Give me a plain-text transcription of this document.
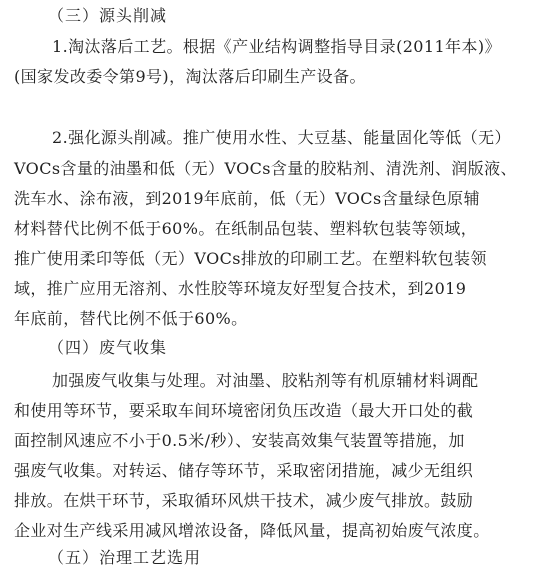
（三）源头削减
1.淘汰落后工艺。根据《产业结构调整指导目录(2011年本)》
(国家发改委令第9号)，淘汰落后印刷生产设备。
2.强化源头削减。推广使用水性、大豆基、能量固化等低（无）
VOCs含量的油墨和低（无）VOCs含量的胶粘剂、清洗剂、润版液、
洗车水、涂布液，到2019年底前，低（无）VOCs含量绿色原辅
材料替代比例不低于60%。在纸制品包装、塑料软包装等领域，
推广使用柔印等低（无）VOCs排放的印刷工艺。在塑料软包装领
域，推广应用无溶剂、水性胶等环境友好型复合技术，到2019
年底前，替代比例不低于60%。
（四）废气收集
加强废气收集与处理。对油墨、胶粘剂等有机原辅材料调配
和使用等环节，要采取车间环境密闭负压改造（最大开口处的截
面控制风速应不小于0.5米/秒）、安装高效集气装置等措施，加
强废气收集。对转运、储存等环节，采取密闭措施，减少无组织
排放。在烘干环节，采取循环风烘干技术，减少废气排放。鼓励
企业对生产线采用减风增浓设备，降低风量，提高初始废气浓度。
（五）治理工艺选用
